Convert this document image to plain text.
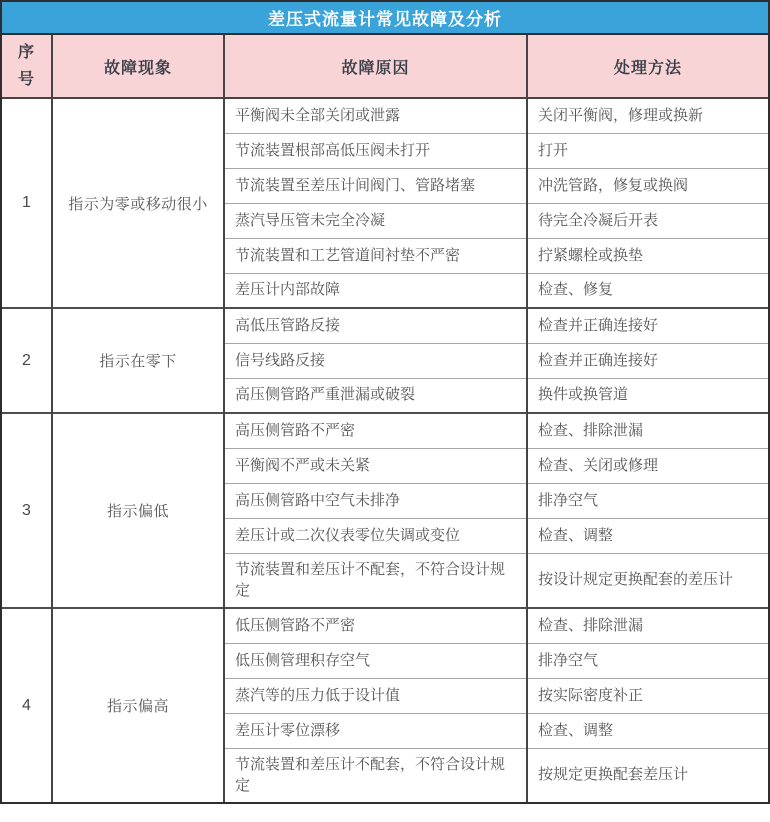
差压式流量计常见故障及分析
序号	故障现象	故障原因	处理方法
1	指示为零或移动很小	平衡阀未全部关闭或泄露	关闭平衡阀，修理或换新
		节流装置根部高低压阀未打开	打开
		节流装置至差压计间阀门、管路堵塞	冲洗管路，修复或换阀
		蒸汽导压管未完全冷凝	待完全冷凝后开表
		节流装置和工艺管道间衬垫不严密	拧紧螺栓或换垫
		差压计内部故障	检查、修复
2	指示在零下	高低压管路反接	检查并正确连接好
		信号线路反接	检查并正确连接好
		高压侧管路严重泄漏或破裂	换件或换管道
3	指示偏低	高压侧管路不严密	检查、排除泄漏
		平衡阀不严或未关紧	检查、关闭或修理
		高压侧管路中空气未排净	排净空气
		差压计或二次仪表零位失调或变位	检查、调整
		节流装置和差压计不配套，不符合设计规定	按设计规定更换配套的差压计
4	指示偏高	低压侧管路不严密	检查、排除泄漏
		低压侧管理积存空气	排净空气
		蒸汽等的压力低于设计值	按实际密度补正
		差压计零位漂移	检查、调整
		节流装置和差压计不配套，不符合设计规定	按规定更换配套差压计
